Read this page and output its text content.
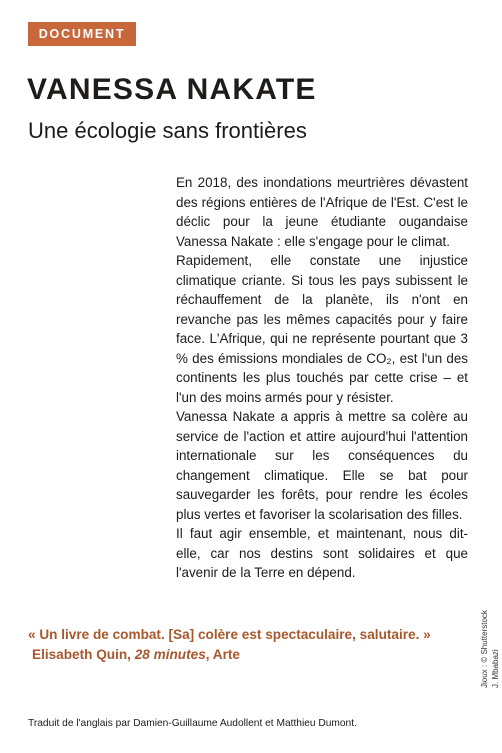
DOCUMENT
VANESSA NAKATE
Une écologie sans frontières

En 2018, des inondations meurtrières dévastent des régions entières de l'Afrique de l'Est. C'est le déclic pour la jeune étudiante ougandaise Vanessa Nakate : elle s'engage pour le climat.

Rapidement, elle constate une injustice climatique criante. Si tous les pays subissent le réchauffement de la planète, ils n'ont en revanche pas les mêmes capacités pour y faire face. L'Afrique, qui ne représente pourtant que 3 % des émissions mondiales de CO₂, est l'un des continents les plus touchés par cette crise – et l'un des moins armés pour y résister.

Vanessa Nakate a appris à mettre sa colère au service de l'action et attire aujourd'hui l'attention internationale sur les conséquences du changement climatique. Elle se bat pour sauvegarder les forêts, pour rendre les écoles plus vertes et favoriser la scolarisation des filles.

Il faut agir ensemble, et maintenant, nous dit-elle, car nos destins sont solidaires et que l'avenir de la Terre en dépend.

« Un livre de combat. [Sa] colère est spectaculaire, salutaire. » Elisabeth Quin, 28 minutes, Arte

Traduit de l'anglais par Damien-Guillaume Audollent et Matthieu Dumont.

Jioux : © Shutterstock J. Mbabazi
